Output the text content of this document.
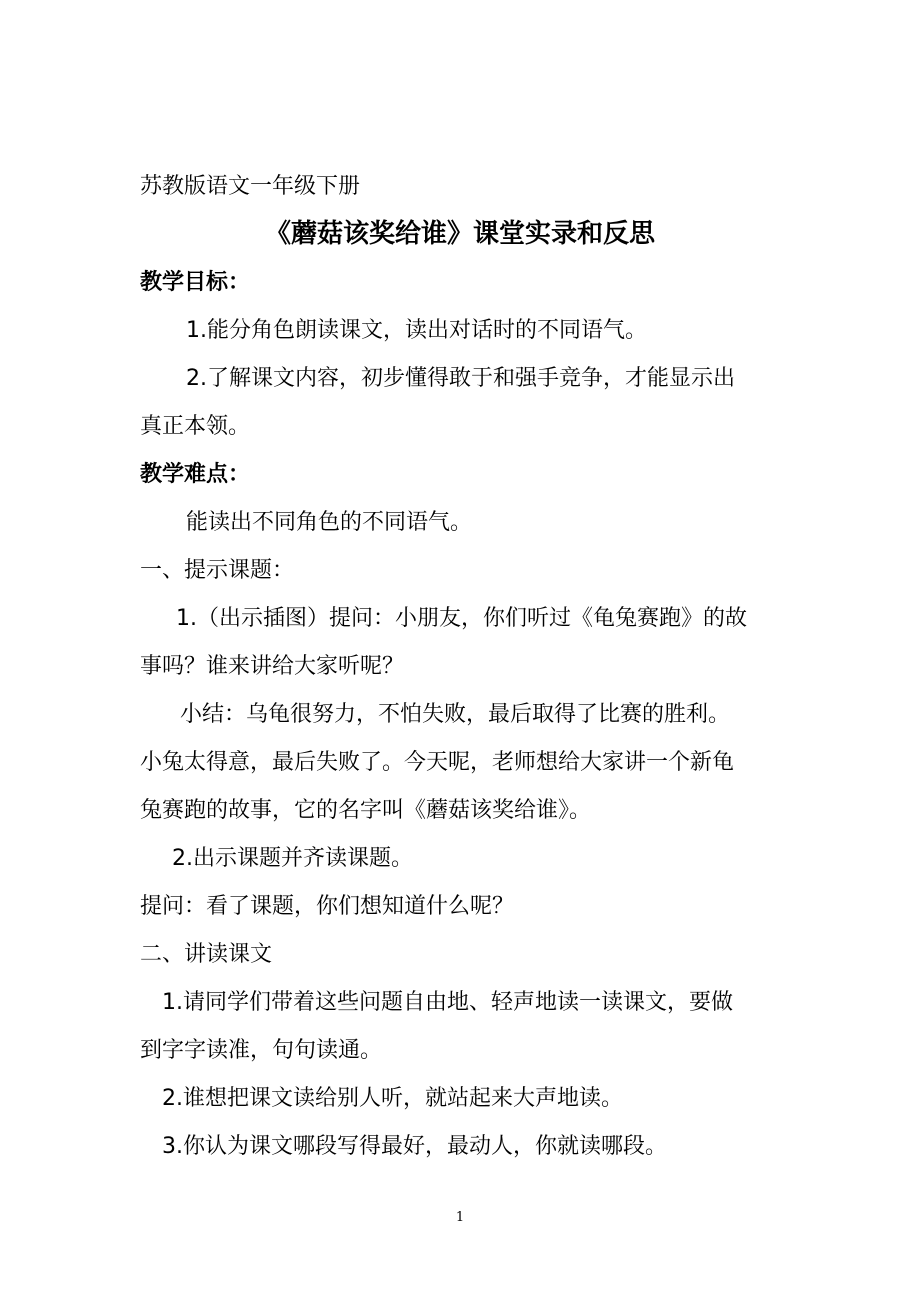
苏教版语文一年级下册
《蘑菇该奖给谁》课堂实录和反思
教学目标：
1.能分角色朗读课文，读出对话时的不同语气。
2.了解课文内容，初步懂得敢于和强手竞争，才能显示出
真正本领。
教学难点：
能读出不同角色的不同语气。
一、提示课题：
1.（出示插图）提问：小朋友，你们听过《龟兔赛跑》的故
事吗？谁来讲给大家听呢？
小结：乌龟很努力，不怕失败，最后取得了比赛的胜利。
小兔太得意，最后失败了。今天呢，老师想给大家讲一个新龟
兔赛跑的故事，它的名字叫《蘑菇该奖给谁》。
2.出示课题并齐读课题。
提问：看了课题，你们想知道什么呢？
二、讲读课文
1.请同学们带着这些问题自由地、轻声地读一读课文，要做
到字字读准，句句读通。
2.谁想把课文读给别人听，就站起来大声地读。
3.你认为课文哪段写得最好，最动人，你就读哪段。
1
